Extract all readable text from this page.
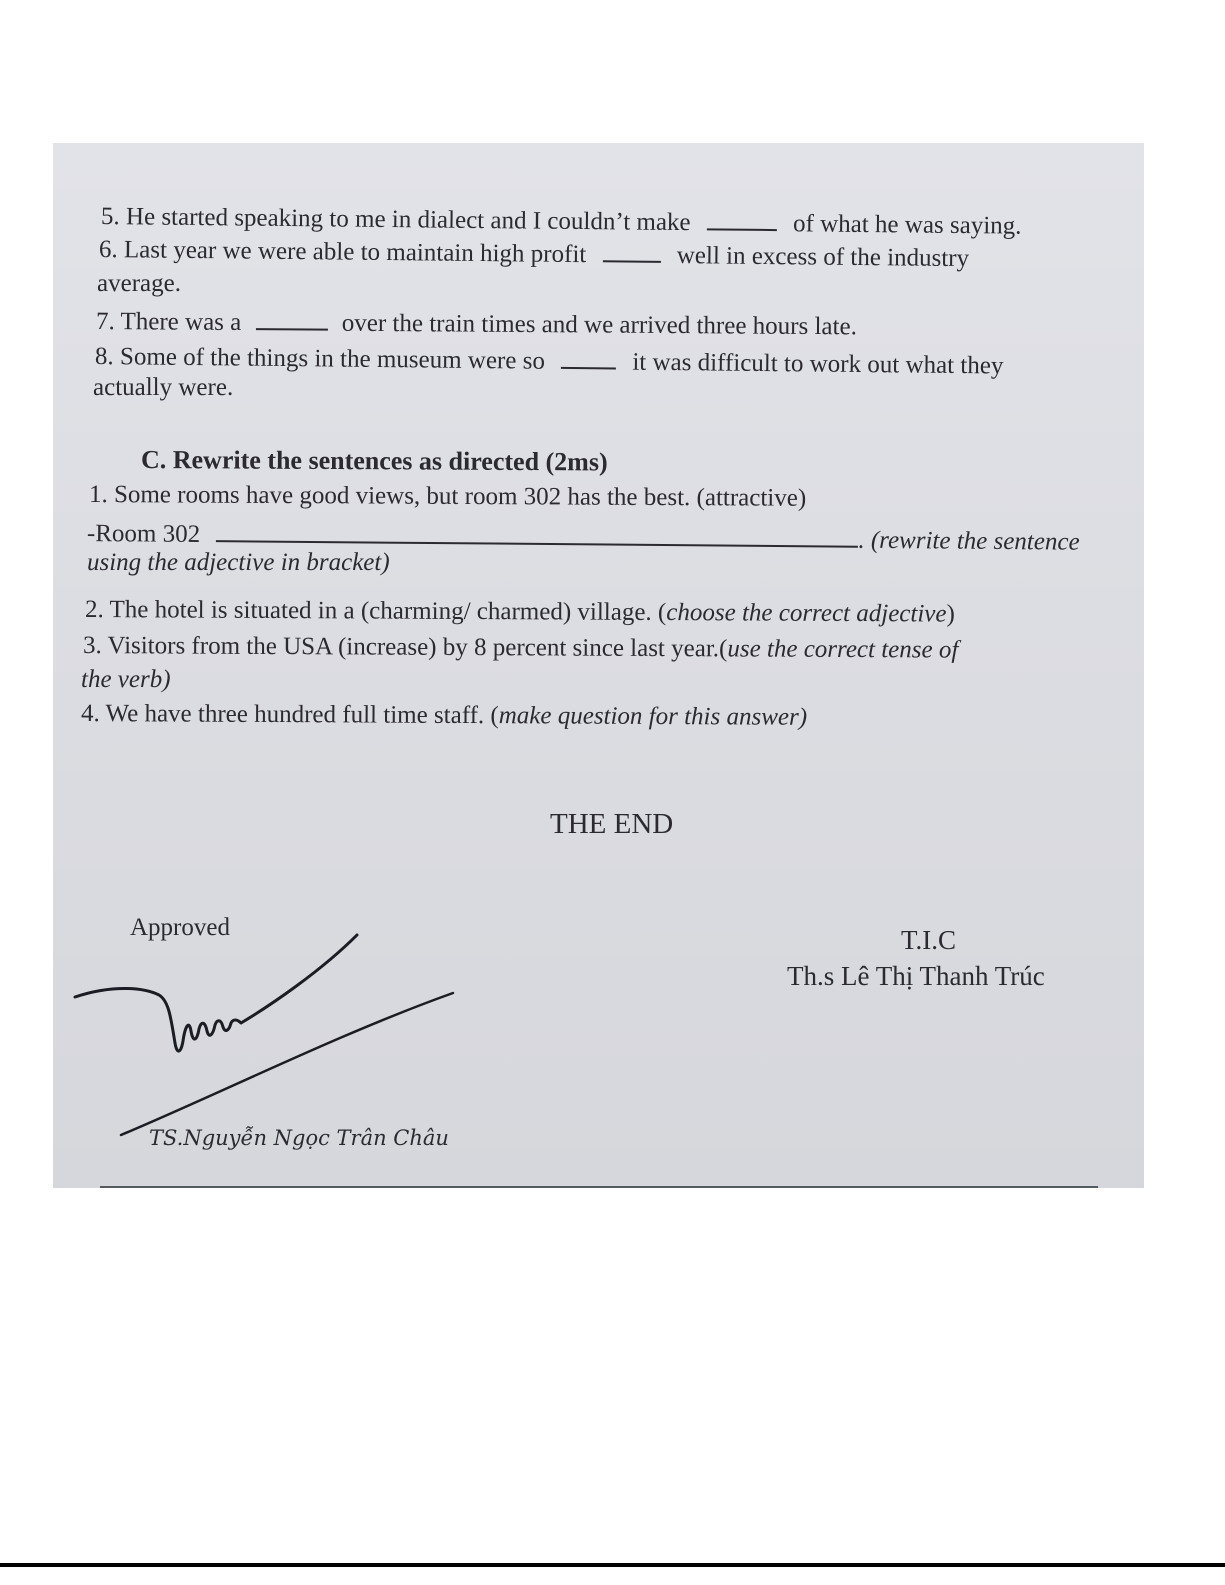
5. He started speaking to me in dialect and I couldn’t make	of what he was saying.
6. Last year we were able to maintain high profit	well in excess of the industry
average.
7. There was a	over the train times and we arrived three hours late.
8. Some of the things in the museum were so	it was difficult to work out what they
actually were.
C. Rewrite the sentences as directed (2ms)
1. Some rooms have good views, but room 302 has the best. (attractive)
-Room 302	. (rewrite the sentence
using the adjective in bracket)
2. The hotel is situated in a (charming/ charmed) village. (choose the correct adjective)
3. Visitors from the USA (increase) by 8 percent since last year.(use the correct tense of
the verb)
4. We have three hundred full time staff. (make question for this answer)
THE END
Approved
TS.Nguyễn Ngọc Trân Châu
T.I.C
Th.s Lê Thị Thanh Trúc
